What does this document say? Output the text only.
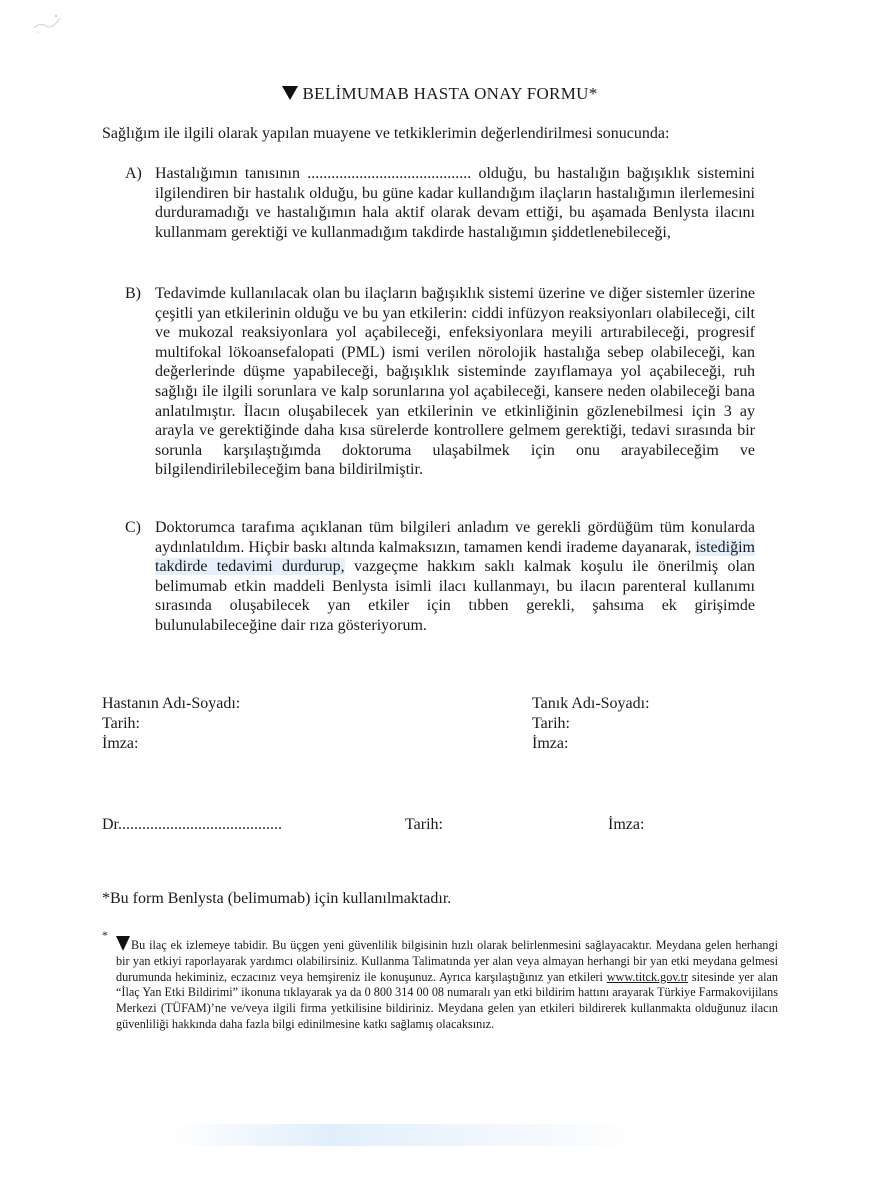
BELİMUMAB HASTA ONAY FORMU*
Sağlığım ile ilgili olarak yapılan muayene ve tetkiklerimin değerlendirilmesi sonucunda:
A) Hastalığımın tanısının ......................................... olduğu, bu hastalığın bağışıklık sistemini ilgilendiren bir hastalık olduğu, bu güne kadar kullandığım ilaçların hastalığımın ilerlemesini durduramadığı ve hastalığımın hala aktif olarak devam ettiği, bu aşamada Benlysta ilacını kullanmam gerektiği ve kullanmadığım takdirde hastalığımın şiddetlenebileceği,
B) Tedavimde kullanılacak olan bu ilaçların bağışıklık sistemi üzerine ve diğer sistemler üzerine çeşitli yan etkilerinin olduğu ve bu yan etkilerin: ciddi infüzyon reaksiyonları olabileceği, cilt ve mukozal reaksiyonlara yol açabileceği, enfeksiyonlara meyili artırabileceği, progresif multifokal lökoansefalopati (PML) ismi verilen nörolojik hastalığa sebep olabileceği, kan değerlerinde düşme yapabileceği, bağışıklık sisteminde zayıflamaya yol açabileceği, ruh sağlığı ile ilgili sorunlara ve kalp sorunlarına yol açabileceği, kansere neden olabileceği bana anlatılmıştır. İlacın oluşabilecek yan etkilerinin ve etkinliğinin gözlenebilmesi için 3 ay arayla ve gerektiğinde daha kısa sürelerde kontrollere gelmem gerektiği, tedavi sırasında bir sorunla karşılaştığımda doktoruma ulaşabilmek için onu arayabileceğim ve bilgilendirilebileceğim bana bildirilmiştir.
C) Doktorumca tarafıma açıklanan tüm bilgileri anladım ve gerekli gördüğüm tüm konularda aydınlatıldım. Hiçbir baskı altında kalmaksızın, tamamen kendi irademe dayanarak, istediğim takdirde tedavimi durdurup, vazgeçme hakkım saklı kalmak koşulu ile önerilmiş olan belimumab etkin maddeli Benlysta isimli ilacı kullanmayı, bu ilacın parenteral kullanımı sırasında oluşabilecek yan etkiler için tıbben gerekli, şahsıma ek girişimde bulunulabileceğine dair rıza gösteriyorum.
Hastanın Adı-Soyadı:
Tarih:
İmza:
Tanık Adı-Soyadı:
Tarih:
İmza:
Dr.........................................	Tarih:	İmza:
*Bu form Benlysta (belimumab) için kullanılmaktadır.
*
Bu ilaç ek izlemeye tabidir. Bu üçgen yeni güvenlilik bilgisinin hızlı olarak belirlenmesini sağlayacaktır. Meydana gelen herhangi bir yan etkiyi raporlayarak yardımcı olabilirsiniz. Kullanma Talimatında yer alan veya almayan herhangi bir yan etki meydana gelmesi durumunda hekiminiz, eczacınız veya hemşireniz ile konuşunuz. Ayrıca karşılaştığınız yan etkileri www.titck.gov.tr sitesinde yer alan “İlaç Yan Etki Bildirimi” ikonuna tıklayarak ya da 0 800 314 00 08 numaralı yan etki bildirim hattını arayarak Türkiye Farmakovijilans Merkezi (TÜFAM)’ne ve/veya ilgili firma yetkilisine bildiriniz. Meydana gelen yan etkileri bildirerek kullanmakta olduğunuz ilacın güvenliliği hakkında daha fazla bilgi edinilmesine katkı sağlamış olacaksınız.
